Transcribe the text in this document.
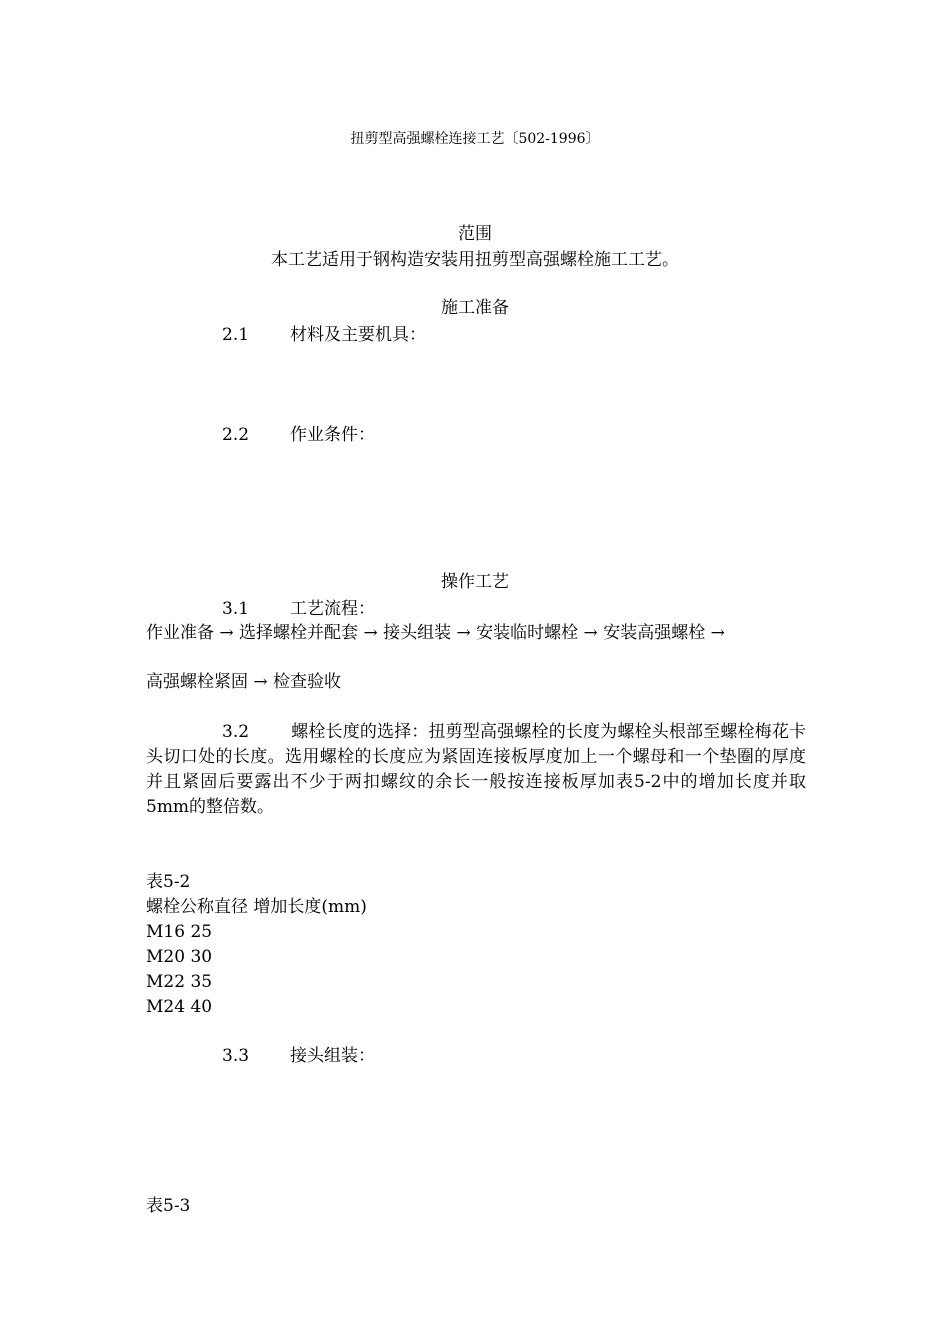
扭剪型高强螺栓连接工艺〔502-1996〕
范围
本工艺适用于钢构造安装用扭剪型高强螺栓施工工艺。
施工准备
2.1 材料及主要机具：
2.2 作业条件：
操作工艺
3.1 工艺流程：
作业准备 → 选择螺栓并配套 → 接头组装 → 安装临时螺栓 → 安装高强螺栓 →
高强螺栓紧固 → 检查验收
3.2 螺栓长度的选择：扭剪型高强螺栓的长度为螺栓头根部至螺栓梅花卡头切口处的长度。选用螺栓的长度应为紧固连接板厚度加上一个螺母和一个垫圈的厚度并且紧固后要露出不少于两扣螺纹的余长一般按连接板厚加表5-2中的增加长度并取5mm的整倍数。
表5-2
螺栓公称直径 增加长度(mm)
M16 25
M20 30
M22 35
M24 40
3.3 接头组装：
表5-3
